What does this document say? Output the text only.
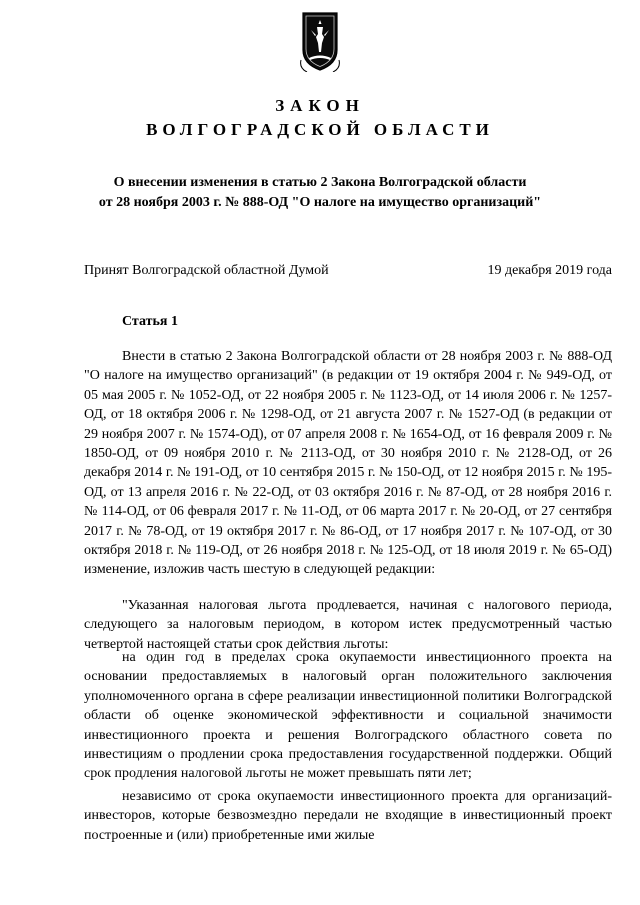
ЗАКОН
ВОЛГОГРАДСКОЙ ОБЛАСТИ
О внесении изменения в статью 2 Закона Волгоградской области
от 28 ноября 2003 г. № 888-ОД "О налоге на имущество организаций"
Принят Волгоградской областной Думой	19 декабря 2019 года
Статья 1

Внести в статью 2 Закона Волгоградской области от 28 ноября 2003 г. № 888-ОД "О налоге на имущество организаций" (в редакции от 19 октября 2004 г. № 949-ОД, от 05 мая 2005 г. № 1052-ОД, от 22 ноября 2005 г. № 1123-ОД, от 14 июля 2006 г. № 1257-ОД, от 18 октября 2006 г. № 1298-ОД, от 21 августа 2007 г. № 1527-ОД (в редакции от 29 ноября 2007 г. № 1574-ОД), от 07 апреля 2008 г. № 1654-ОД, от 16 февраля 2009 г. № 1850-ОД, от 09 ноября 2010 г. № 2113-ОД, от 30 ноября 2010 г. № 2128-ОД, от 26 декабря 2014 г. № 191-ОД, от 10 сентября 2015 г. № 150-ОД, от 12 ноября 2015 г. № 195-ОД, от 13 апреля 2016 г. № 22-ОД, от 03 октября 2016 г. № 87-ОД, от 28 ноября 2016 г. № 114-ОД, от 06 февраля 2017 г. № 11-ОД, от 06 марта 2017 г. № 20-ОД, от 27 сентября 2017 г. № 78-ОД, от 19 октября 2017 г. № 86-ОД, от 17 ноября 2017 г. № 107-ОД, от 30 октября 2018 г. № 119-ОД, от 26 ноября 2018 г. № 125-ОД, от 18 июля 2019 г. № 65-ОД) изменение, изложив часть шестую в следующей редакции:

"Указанная налоговая льгота продлевается, начиная с налогового периода, следующего за налоговым периодом, в котором истек предусмотренный частью четвертой настоящей статьи срок действия льготы:

на один год в пределах срока окупаемости инвестиционного проекта на основании предоставляемых в налоговый орган положительного заключения уполномоченного органа в сфере реализации инвестиционной политики Волгоградской области об оценке экономической эффективности и социальной значимости инвестиционного проекта и решения Волгоградского областного совета по инвестициям о продлении срока предоставления государственной поддержки. Общий срок продления налоговой льготы не может превышать пяти лет;

независимо от срока окупаемости инвестиционного проекта для организаций-инвесторов, которые безвозмездно передали не входящие в инвестиционный проект построенные и (или) приобретенные ими жилые
